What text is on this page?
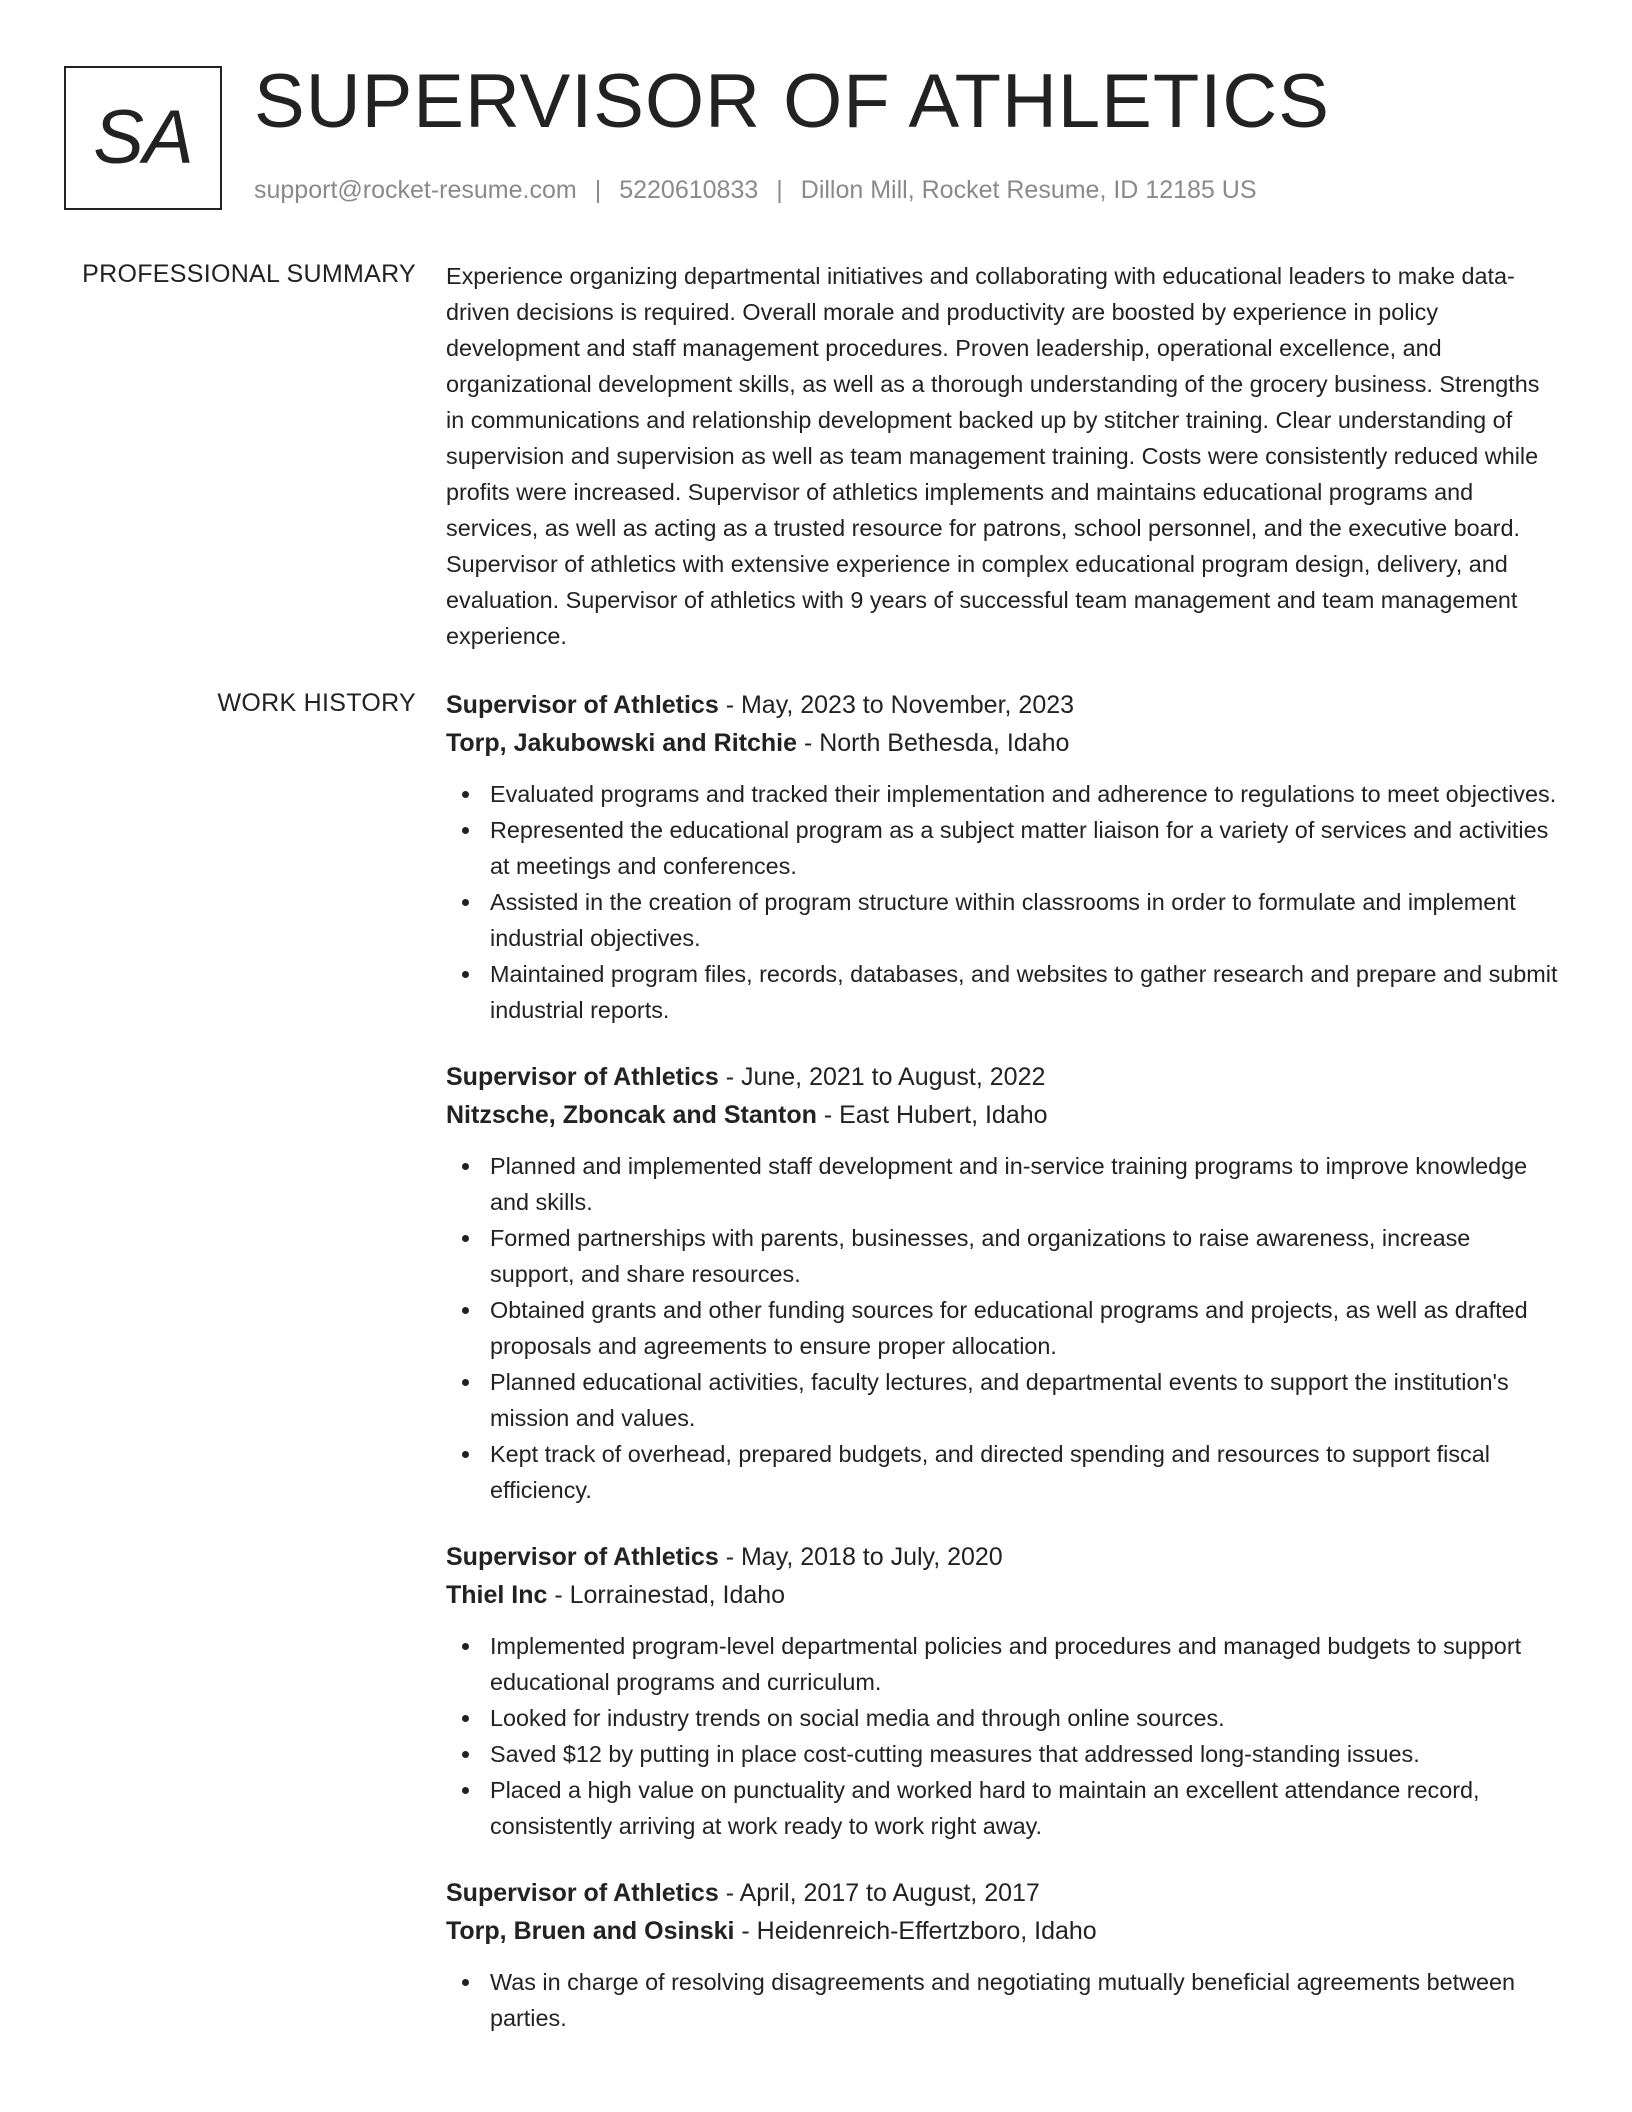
SA SUPERVISOR OF ATHLETICS
support@rocket-resume.com | 5220610833 | Dillon Mill, Rocket Resume, ID 12185 US
PROFESSIONAL SUMMARY Experience organizing departmental initiatives and collaborating with educational leaders to make data-driven decisions is required. Overall morale and productivity are boosted by experience in policy development and staff management procedures. Proven leadership, operational excellence, and organizational development skills, as well as a thorough understanding of the grocery business. Strengths in communications and relationship development backed up by stitcher training. Clear understanding of supervision and supervision as well as team management training. Costs were consistently reduced while profits were increased. Supervisor of athletics implements and maintains educational programs and services, as well as acting as a trusted resource for patrons, school personnel, and the executive board. Supervisor of athletics with extensive experience in complex educational program design, delivery, and evaluation. Supervisor of athletics with 9 years of successful team management and team management experience.

WORK HISTORY Supervisor of Athletics - May, 2023 to November, 2023
Torp, Jakubowski and Ritchie - North Bethesda, Idaho
Evaluated programs and tracked their implementation and adherence to regulations to meet objectives.
Represented the educational program as a subject matter liaison for a variety of services and activities at meetings and conferences.
Assisted in the creation of program structure within classrooms in order to formulate and implement industrial objectives.
Maintained program files, records, databases, and websites to gather research and prepare and submit industrial reports.
Supervisor of Athletics - June, 2021 to August, 2022
Nitzsche, Zboncak and Stanton - East Hubert, Idaho
Planned and implemented staff development and in-service training programs to improve knowledge and skills.
Formed partnerships with parents, businesses, and organizations to raise awareness, increase support, and share resources.
Obtained grants and other funding sources for educational programs and projects, as well as drafted proposals and agreements to ensure proper allocation.
Planned educational activities, faculty lectures, and departmental events to support the institution's mission and values.
Kept track of overhead, prepared budgets, and directed spending and resources to support fiscal efficiency.
Supervisor of Athletics - May, 2018 to July, 2020
Thiel Inc - Lorrainestad, Idaho
Implemented program-level departmental policies and procedures and managed budgets to support educational programs and curriculum.
Looked for industry trends on social media and through online sources.
Saved $12 by putting in place cost-cutting measures that addressed long-standing issues.
Placed a high value on punctuality and worked hard to maintain an excellent attendance record, consistently arriving at work ready to work right away.
Supervisor of Athletics - April, 2017 to August, 2017
Torp, Bruen and Osinski - Heidenreich-Effertzboro, Idaho
Was in charge of resolving disagreements and negotiating mutually beneficial agreements between parties.
